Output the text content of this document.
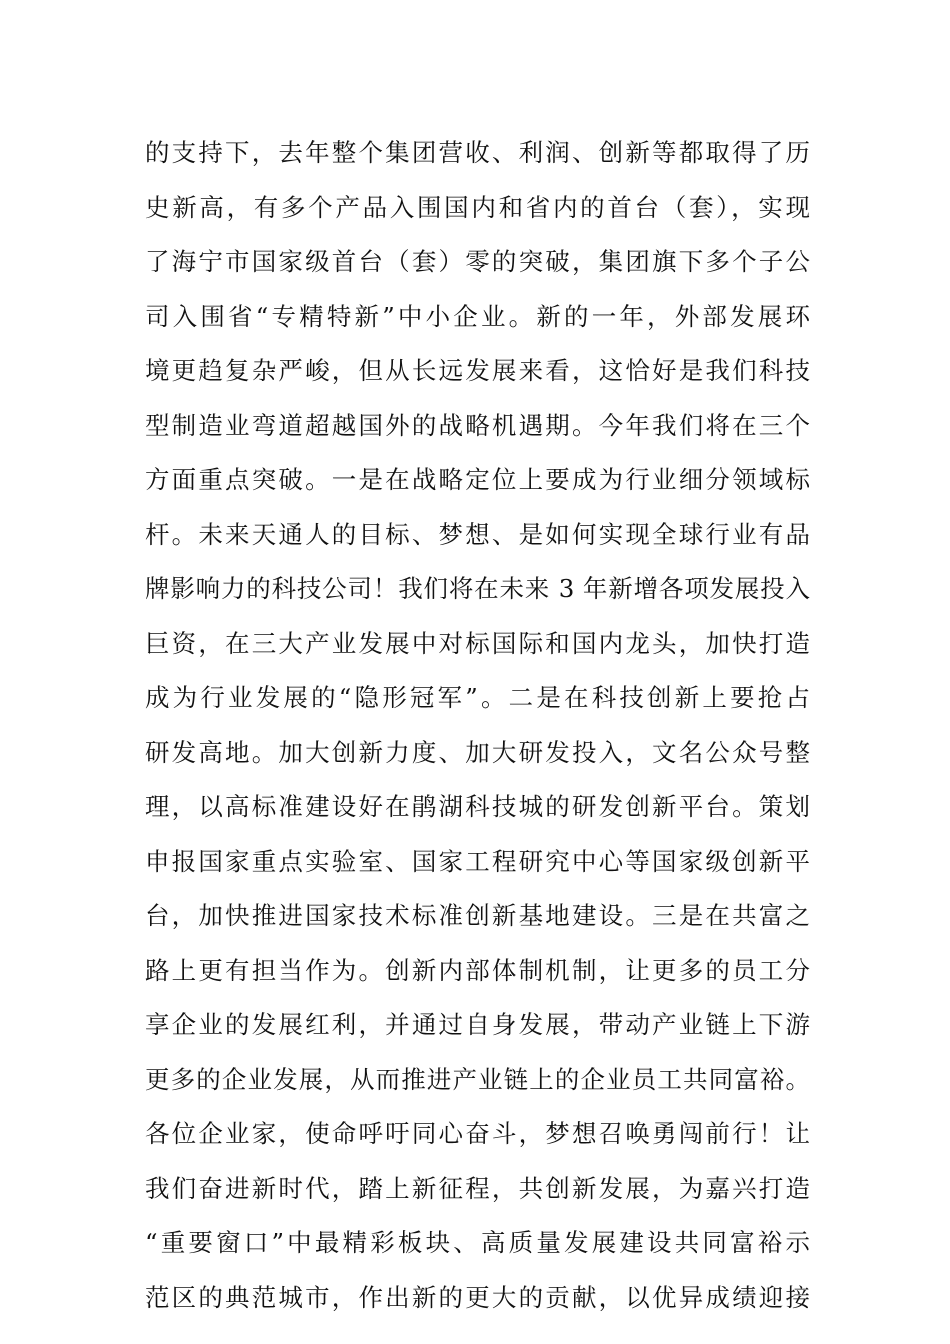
的支持下，去年整个集团营收、利润、创新等都取得了历
史新高，有多个产品入围国内和省内的首台（套），实现
了海宁市国家级首台（套）零的突破，集团旗下多个子公
司入围省“专精特新”中小企业。新的一年，外部发展环
境更趋复杂严峻，但从长远发展来看，这恰好是我们科技
型制造业弯道超越国外的战略机遇期。今年我们将在三个
方面重点突破。一是在战略定位上要成为行业细分领域标
杆。未来天通人的目标、梦想、是如何实现全球行业有品
牌影响力的科技公司！我们将在未来 3 年新增各项发展投入
巨资，在三大产业发展中对标国际和国内龙头，加快打造
成为行业发展的“隐形冠军”。二是在科技创新上要抢占
研发高地。加大创新力度、加大研发投入，文名公众号整
理，以高标准建设好在鹃湖科技城的研发创新平台。策划
申报国家重点实验室、国家工程研究中心等国家级创新平
台，加快推进国家技术标准创新基地建设。三是在共富之
路上更有担当作为。创新内部体制机制，让更多的员工分
享企业的发展红利，并通过自身发展，带动产业链上下游
更多的企业发展，从而推进产业链上的企业员工共同富裕。
各位企业家，使命呼吁同心奋斗，梦想召唤勇闯前行！让
我们奋进新时代，踏上新征程，共创新发展，为嘉兴打造
“重要窗口”中最精彩板块、高质量发展建设共同富裕示
范区的典范城市，作出新的更大的贡献，以优异成绩迎接
